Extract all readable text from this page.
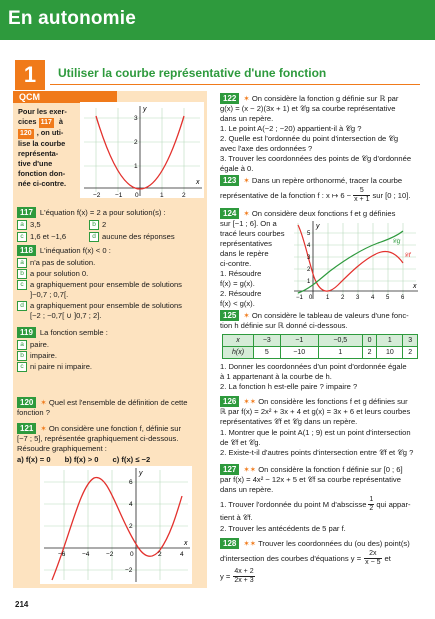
En autonomie
1	Utiliser la courbe représentative d'une fonction
QCM
Pour les exer-
cices 117 à
120 , on uti-
lise la courbe
représenta-
tive d'une
fonction don-
née ci-contre.
−2 −1 0	1	2
1
2
3
x
y
117 L'équation f(x) = 2 a pour solution(s) :
a 3,5	b 2
c 1,6 et −1,6	d aucune des réponses
118 L'inéquation f(x) < 0 :
a n'a pas de solution.
b a pour solution 0.
c a graphiquement pour ensemble de solutions
]−0,7 ; 0,7[.
d a graphiquement pour ensemble de solutions
[−2 ; −0,7[ ∪ ]0,7 ; 2].
119 La fonction semble :
a paire.
b impaire.
c ni paire ni impaire.
120 ✶ Quel est l'ensemble de définition de cette
fonction ?
121 ✶ On considère une fonction f, définie sur
[−7 ; 5], représentée graphiquement ci-dessous.
Résoudre graphiquement :
a) f(x) = 0 b) f(x) > 0 c) f(x) ≤ −2
−6	−4	−2	0	2	4
6
4
2
−2
x
y
122 ✶ On considère la fonction g définie sur ℝ par
g(x) = (x − 2)(3x + 1) et 𝒞g sa courbe représentative
dans un repère.
1. Le point A(−2 ; −20) appartient-il à 𝒞g ?
2. Quelle est l'ordonnée du point d'intersection de 𝒞g
avec l'axe des ordonnées ?
3. Trouver les coordonnées des points de 𝒞g d'ordonnée
égale à 0.
123 ✶ Dans un repère orthonormé, tracer la courbe
représentative de la fonction f : x ↦ $6 - \frac{5}{x + 1}$ sur [0 ; 10].
124 ✶ On considère deux fonctions f et g définies
sur [−1 ; 6]. On a
tracé leurs courbes
représentatives
dans le repère
ci-contre.
1. Résoudre
f(x) = g(x).
2. Résoudre
f(x) < g(x).
−1 0 1 2 3 4 5 6
1
2
3
4
5
𝒞g
𝒞f
x
y
125 ✶ On considère le tableau de valeurs d'une fonc-
tion h définie sur ℝ donné ci-dessous.
x	−3	−1	−0,5	0	1	3
h(x)	5	−10	1	2	10	2
1. Donner les coordonnées d'un point d'ordonnée égale
à 1 appartenant à la courbe de h.
2. La fonction h est-elle paire ? impaire ?
126 ✶✶ On considère les fonctions f et g définies sur
ℝ par f(x) = 2x² + 3x + 4 et g(x) = 3x + 6 et leurs courbes
représentatives 𝒞f et 𝒞g dans un repère.
1. Montrer que le point A(1 ; 9) est un point d'intersection
de 𝒞f et 𝒞g.
2. Existe-t-il d'autres points d'intersection entre 𝒞f et 𝒞g ?
127 ✶✶ On considère la fonction f définie sur [0 ; 6]
par f(x) = 4x² − 12x + 5 et 𝒞f sa courbe représentative
dans un repère.
1. Trouver l'ordonnée du point M d'abscisse 1
2 qui appar-
tient à 𝒞f.
2. Trouver les antécédents de 5 par f.
128 ✶✶ Trouver les coordonnées du (ou des) point(s)
d'intersection des courbes d'équations $y = \frac{2x}{x - 5}$ et
$y = \frac{4x + 2}{2x + 3}$
214
